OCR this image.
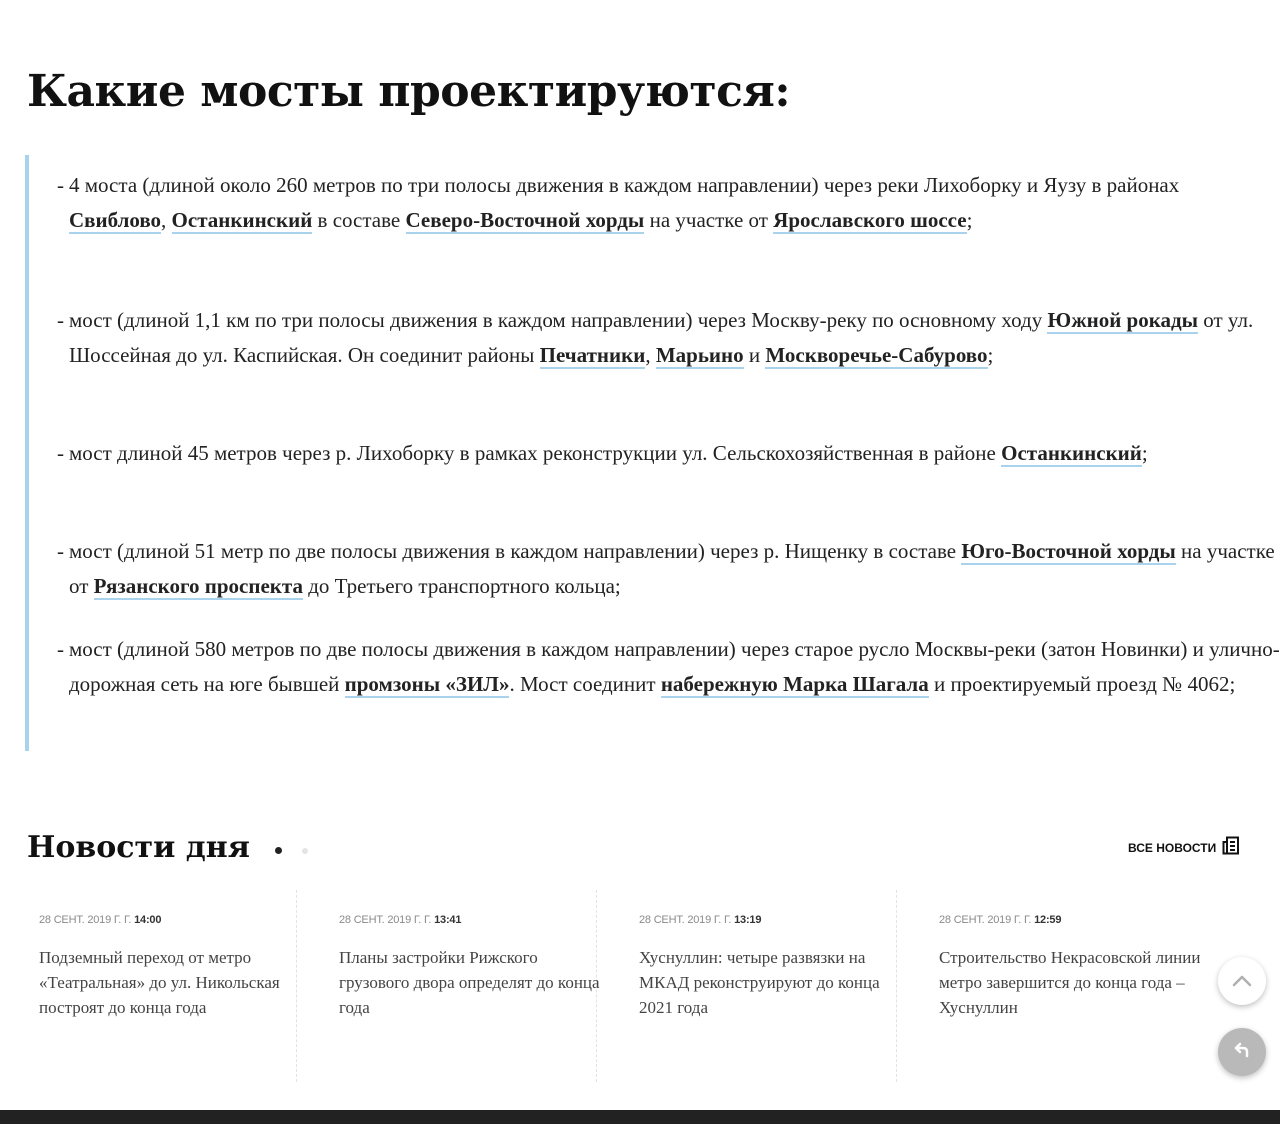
Какие мосты проектируются:
- 4 моста (длиной около 260 метров по три полосы движения в каждом направлении) через реки Лихоборку и Яузу в районах Свиблово, Останкинский в составе Северо-Восточной хорды на участке от Ярославского шоссе;
- мост (длиной 1,1 км по три полосы движения в каждом направлении) через Москву-реку по основному ходу Южной рокады от ул. Шоссейная до ул. Каспийская. Он соединит районы Печатники, Марьино и Москворечье-Сабурово;
- мост длиной 45 метров через р. Лихоборку в рамках реконструкции ул. Сельскохозяйственная в районе Останкинский;
- мост (длиной 51 метр по две полосы движения в каждом направлении) через р. Нищенку в составе Юго-Восточной хорды на участке от Рязанского проспекта до Третьего транспортного кольца;
- мост (длиной 580 метров по две полосы движения в каждом направлении) через старое русло Москвы-реки (затон Новинки) и улично-дорожная сеть на юге бывшей промзоны «ЗИЛ». Мост соединит набережную Марка Шагала и проектируемый проезд № 4062;
Новости дня	ВСЕ НОВОСТИ
28 СЕНТ. 2019 Г. Г. 14:00
Подземный переход от метро «Театральная» до ул. Никольская построят до конца года
28 СЕНТ. 2019 Г. Г. 13:41
Планы застройки Рижского грузового двора определят до конца года
28 СЕНТ. 2019 Г. Г. 13:19
Хуснуллин: четыре развязки на МКАД реконструируют до конца 2021 года
28 СЕНТ. 2019 Г. Г. 12:59
Строительство Некрасовской линии метро завершится до конца года – Хуснуллин
